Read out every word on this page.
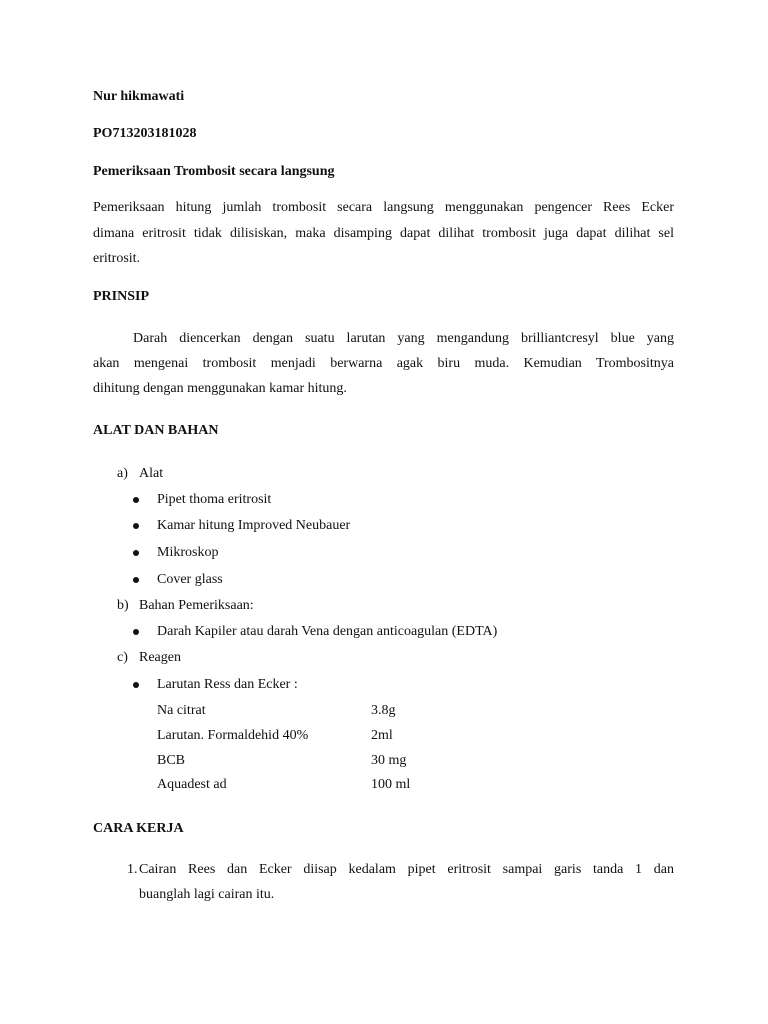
Nur hikmawati
PO713203181028
Pemeriksaan Trombosit secara langsung
Pemeriksaan hitung jumlah trombosit secara langsung menggunakan pengencer Rees Ecker
dimana eritrosit tidak dilisiskan, maka disamping dapat dilihat trombosit juga dapat dilihat sel
eritrosit.
PRINSIP
Darah diencerkan dengan suatu larutan yang mengandung brilliantcresyl blue yang
akan mengenai trombosit menjadi berwarna agak biru muda. Kemudian Trombositnya
dihitung dengan menggunakan kamar hitung.
ALAT DAN BAHAN
a) Alat
Pipet thoma eritrosit
Kamar hitung Improved Neubauer
Mikroskop
Cover glass
b) Bahan Pemeriksaan:
Darah Kapiler atau darah Vena dengan anticoagulan (EDTA)
c) Reagen
Larutan Ress dan Ecker :
Na citrat	3.8g
Larutan. Formaldehid 40%	2ml
BCB	30 mg
Aquadest ad	100 ml
CARA KERJA
1. Cairan Rees dan Ecker diisap kedalam pipet eritrosit sampai garis tanda 1 dan
buanglah lagi cairan itu.
